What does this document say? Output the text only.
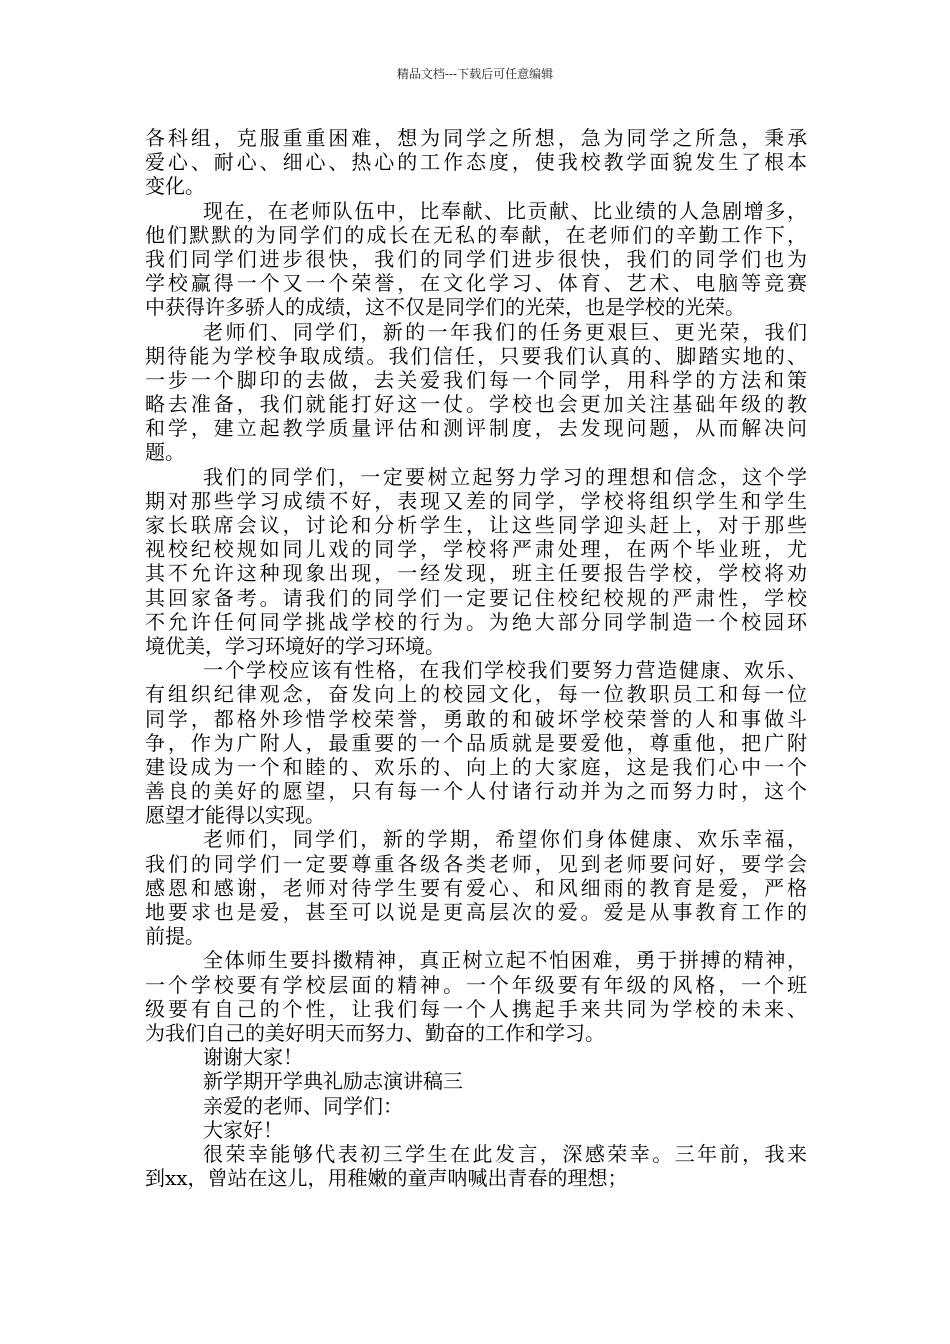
精品文档---下载后可任意编辑
各科组，克服重重困难，想为同学之所想，急为同学之所急，秉承
爱心、耐心、细心、热心的工作态度，使我校教学面貌发生了根本
变化。
现在，在老师队伍中，比奉献、比贡献、比业绩的人急剧增多，
他们默默的为同学们的成长在无私的奉献，在老师们的辛勤工作下，
我们同学们进步很快，我们的同学们进步很快，我们的同学们也为
学校赢得一个又一个荣誉，在文化学习、体育、艺术、电脑等竞赛
中获得许多骄人的成绩，这不仅是同学们的光荣，也是学校的光荣。
老师们、同学们，新的一年我们的任务更艰巨、更光荣，我们
期待能为学校争取成绩。我们信任，只要我们认真的、脚踏实地的、
一步一个脚印的去做，去关爱我们每一个同学，用科学的方法和策
略去准备，我们就能打好这一仗。学校也会更加关注基础年级的教
和学，建立起教学质量评估和测评制度，去发现问题，从而解决问
题。
我们的同学们，一定要树立起努力学习的理想和信念，这个学
期对那些学习成绩不好，表现又差的同学，学校将组织学生和学生
家长联席会议，讨论和分析学生，让这些同学迎头赶上，对于那些
视校纪校规如同儿戏的同学，学校将严肃处理，在两个毕业班，尤
其不允许这种现象出现，一经发现，班主任要报告学校，学校将劝
其回家备考。请我们的同学们一定要记住校纪校规的严肃性，学校
不允许任何同学挑战学校的行为。为绝大部分同学制造一个校园环
境优美，学习环境好的学习环境。
一个学校应该有性格，在我们学校我们要努力营造健康、欢乐、
有组织纪律观念，奋发向上的校园文化，每一位教职员工和每一位
同学，都格外珍惜学校荣誉，勇敢的和破坏学校荣誉的人和事做斗
争，作为广附人，最重要的一个品质就是要爱他，尊重他，把广附
建设成为一个和睦的、欢乐的、向上的大家庭，这是我们心中一个
善良的美好的愿望，只有每一个人付诸行动并为之而努力时，这个
愿望才能得以实现。
老师们，同学们，新的学期，希望你们身体健康、欢乐幸福，
我们的同学们一定要尊重各级各类老师，见到老师要问好，要学会
感恩和感谢，老师对待学生要有爱心、和风细雨的教育是爱，严格
地要求也是爱，甚至可以说是更高层次的爱。爱是从事教育工作的
前提。
全体师生要抖擞精神，真正树立起不怕困难，勇于拼搏的精神，
一个学校要有学校层面的精神。一个年级要有年级的风格，一个班
级要有自己的个性，让我们每一个人携起手来共同为学校的未来、
为我们自己的美好明天而努力、勤奋的工作和学习。
谢谢大家！
新学期开学典礼励志演讲稿三
亲爱的老师、同学们：
大家好！
很荣幸能够代表初三学生在此发言，深感荣幸。三年前，我来
到xx，曾站在这儿，用稚嫩的童声呐喊出青春的理想；
